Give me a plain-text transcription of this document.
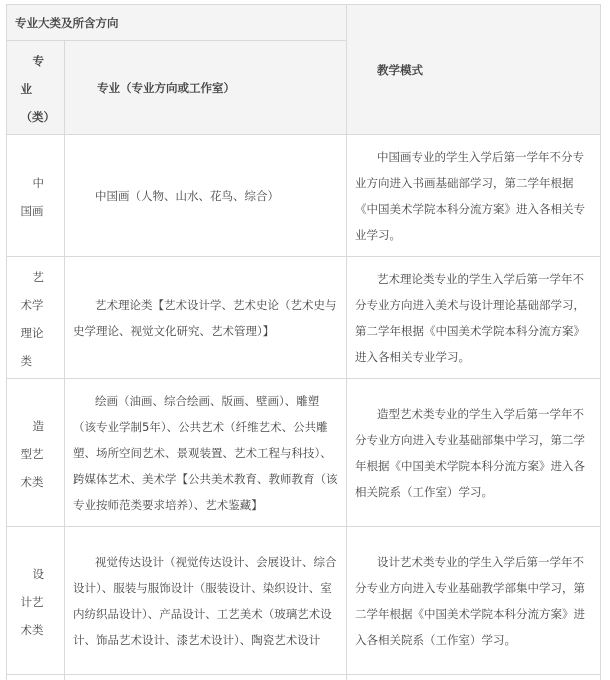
专业大类及所含方向		教学模式
专业（类）	专业（专业方向或工作室）	
中国画	中国画（人物、山水、花鸟、综合）	中国画专业的学生入学后第一学年不分专业方向进入书画基础部学习，第二学年根据《中国美术学院本科分流方案》进入各相关专业学习。
艺术学理论类	艺术理论类【艺术设计学、艺术史论（艺术史与史学理论、视觉文化研究、艺术管理）】	艺术理论类专业的学生入学后第一学年不分专业方向进入美术与设计理论基础部学习，第二学年根据《中国美术学院本科分流方案》进入各相关专业学习。
造型艺术类	绘画（油画、综合绘画、版画、壁画）、雕塑（该专业学制5年）、公共艺术（纤维艺术、公共雕塑、场所空间艺术、景观装置、艺术工程与科技）、跨媒体艺术、美术学【公共美术教育、教师教育（该专业按师范类要求培养）、艺术鉴藏】	造型艺术类专业的学生入学后第一学年不分专业方向进入专业基础部集中学习，第二学年根据《中国美术学院本科分流方案》进入各相关院系（工作室）学习。
设计艺术类	视觉传达设计（视觉传达设计、会展设计、综合设计）、服装与服饰设计（服装设计、染织设计、室内纺织品设计）、产品设计、工艺美术（玻璃艺术设计、饰品艺术设计、漆艺术设计）、陶瓷艺术设计	设计艺术类专业的学生入学后第一学年不分专业方向进入专业基础教学部集中学习，第二学年根据《中国美术学院本科分流方案》进入各相关院系（工作室）学习。
